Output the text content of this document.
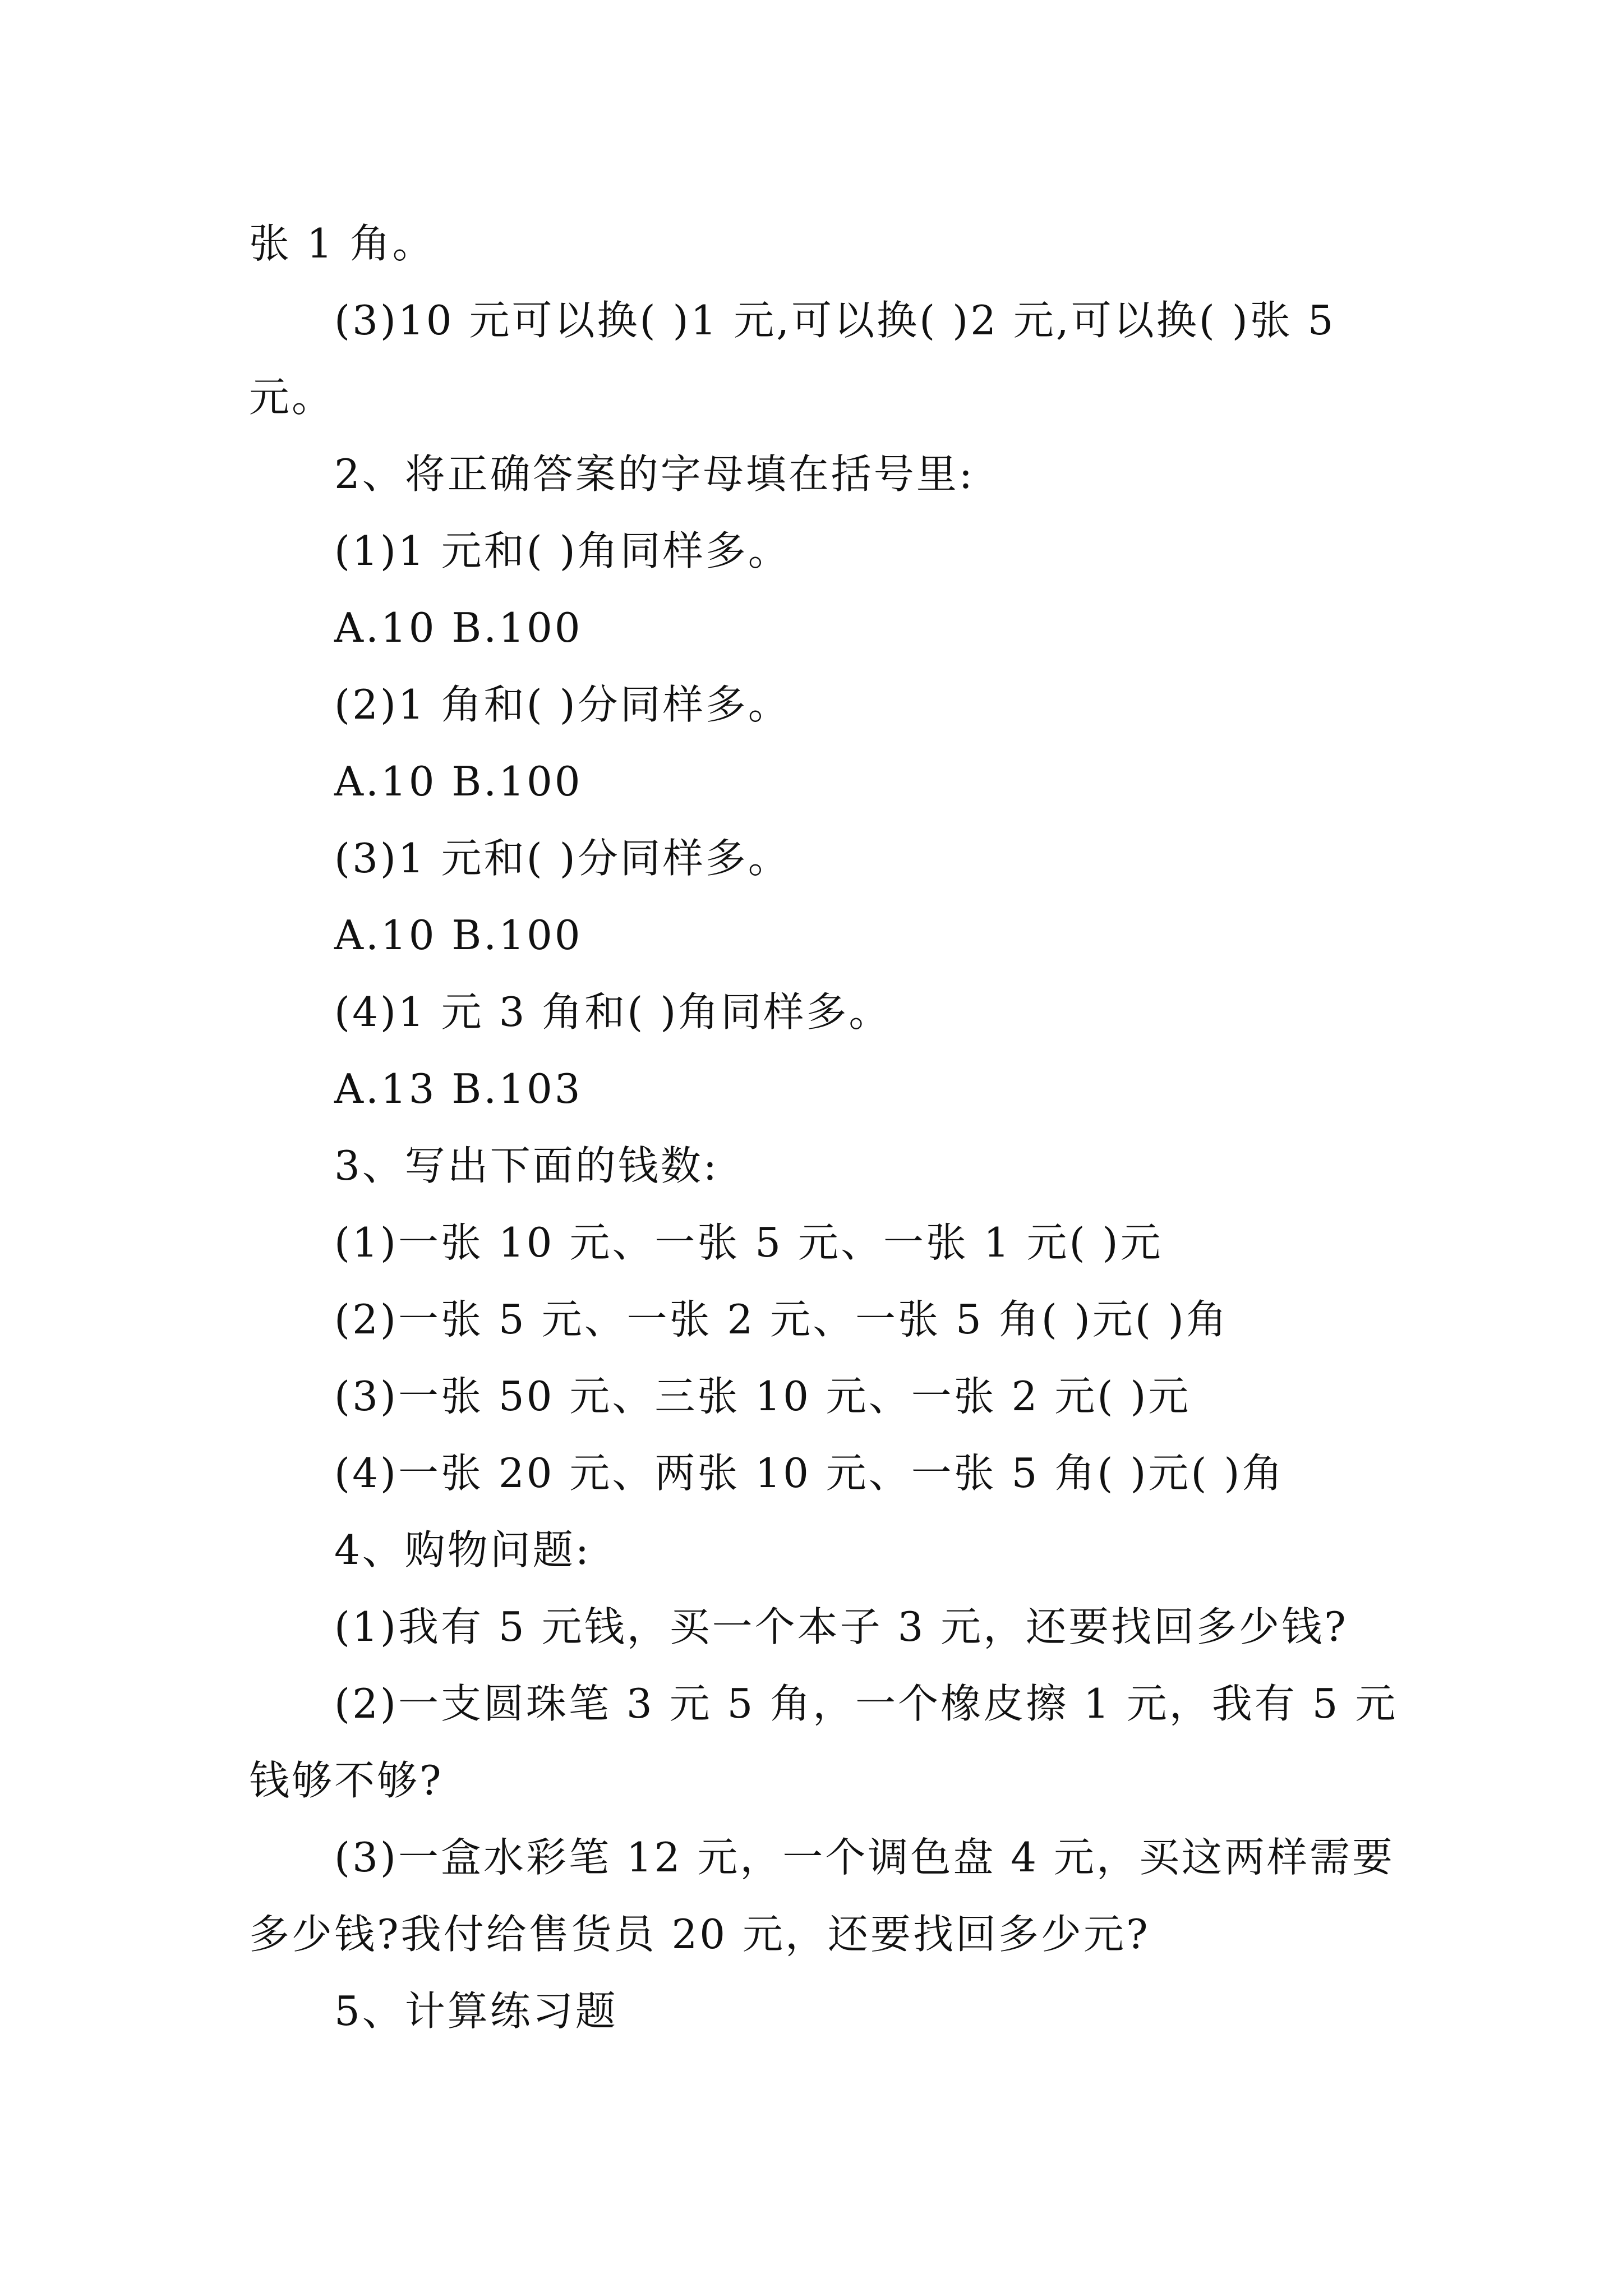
张 1 角。
(3)10 元可以换( )1 元,可以换( )2 元,可以换( )张 5
元。
2、将正确答案的字母填在括号里:
(1)1 元和( )角同样多。
A.10 B.100
(2)1 角和( )分同样多。
A.10 B.100
(3)1 元和( )分同样多。
A.10 B.100
(4)1 元 3 角和( )角同样多。
A.13 B.103
3、写出下面的钱数:
(1)一张 10 元、一张 5 元、一张 1 元( )元
(2)一张 5 元、一张 2 元、一张 5 角( )元( )角
(3)一张 50 元、三张 10 元、一张 2 元( )元
(4)一张 20 元、两张 10 元、一张 5 角( )元( )角
4、购物问题:
(1)我有 5 元钱，买一个本子 3 元，还要找回多少钱?
(2)一支圆珠笔 3 元 5 角，一个橡皮擦 1 元，我有 5 元
钱够不够?
(3)一盒水彩笔 12 元，一个调色盘 4 元，买这两样需要
多少钱?我付给售货员 20 元，还要找回多少元?
5、计算练习题
